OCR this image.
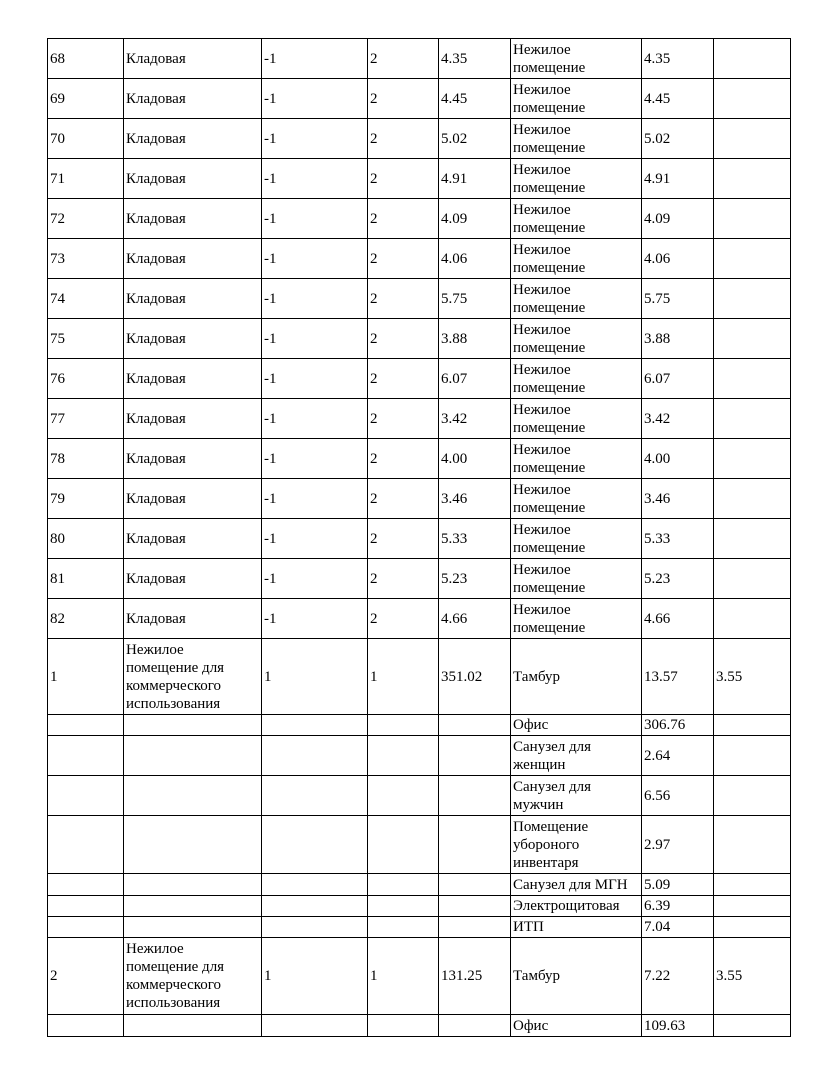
68	Кладовая	-1	2	4.35	Нежилое помещение	4.35	
69	Кладовая	-1	2	4.45	Нежилое помещение	4.45	
70	Кладовая	-1	2	5.02	Нежилое помещение	5.02	
71	Кладовая	-1	2	4.91	Нежилое помещение	4.91	
72	Кладовая	-1	2	4.09	Нежилое помещение	4.09	
73	Кладовая	-1	2	4.06	Нежилое помещение	4.06	
74	Кладовая	-1	2	5.75	Нежилое помещение	5.75	
75	Кладовая	-1	2	3.88	Нежилое помещение	3.88	
76	Кладовая	-1	2	6.07	Нежилое помещение	6.07	
77	Кладовая	-1	2	3.42	Нежилое помещение	3.42	
78	Кладовая	-1	2	4.00	Нежилое помещение	4.00	
79	Кладовая	-1	2	3.46	Нежилое помещение	3.46	
80	Кладовая	-1	2	5.33	Нежилое помещение	5.33	
81	Кладовая	-1	2	5.23	Нежилое помещение	5.23	
82	Кладовая	-1	2	4.66	Нежилое помещение	4.66	
1	Нежилое помещение для коммерческого использования	1	1	351.02	Тамбур	13.57	3.55
					Офис	306.76	
					Санузел для женщин	2.64	
					Санузел для мужчин	6.56	
					Помещение убороного инвентаря	2.97	
					Санузел для МГН	5.09	
					Электрощитовая	6.39	
					ИТП	7.04	
2	Нежилое помещение для коммерческого использования	1	1	131.25	Тамбур	7.22	3.55
					Офис	109.63	
